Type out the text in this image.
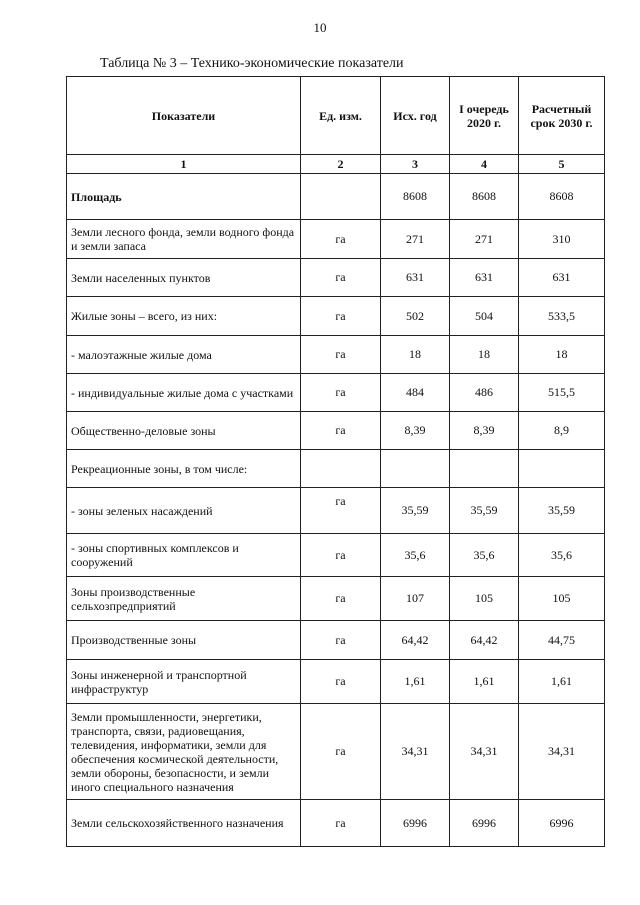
10
Таблица № 3 – Технико-экономические показатели
Показатели	Ед. изм.	Исх. год	I очередь 2020 г.	Расчетный срок 2030 г.
1	2	3	4	5
Площадь		8608	8608	8608
Земли лесного фонда, земли водного фонда и земли запаса	га	271	271	310
Земли населенных пунктов	га	631	631	631
Жилые зоны – всего, из них:	га	502	504	533,5
- малоэтажные жилые дома	га	18	18	18
- индивидуальные жилые дома с участками	га	484	486	515,5
Общественно-деловые зоны	га	8,39	8,39	8,9
Рекреационные зоны, в том числе:				
- зоны зеленых насаждений	га	35,59	35,59	35,59
- зоны спортивных комплексов и сооружений	га	35,6	35,6	35,6
Зоны производственные сельхозпредприятий	га	107	105	105
Производственные зоны	га	64,42	64,42	44,75
Зоны инженерной и транспортной инфраструктур	га	1,61	1,61	1,61
Земли промышленности, энергетики, транспорта, связи, радиовещания, телевидения, информатики, земли для обеспечения космической деятельности, земли обороны, безопасности, и земли иного специального назначения	га	34,31	34,31	34,31
Земли сельскохозяйственного назначения	га	6996	6996	6996
